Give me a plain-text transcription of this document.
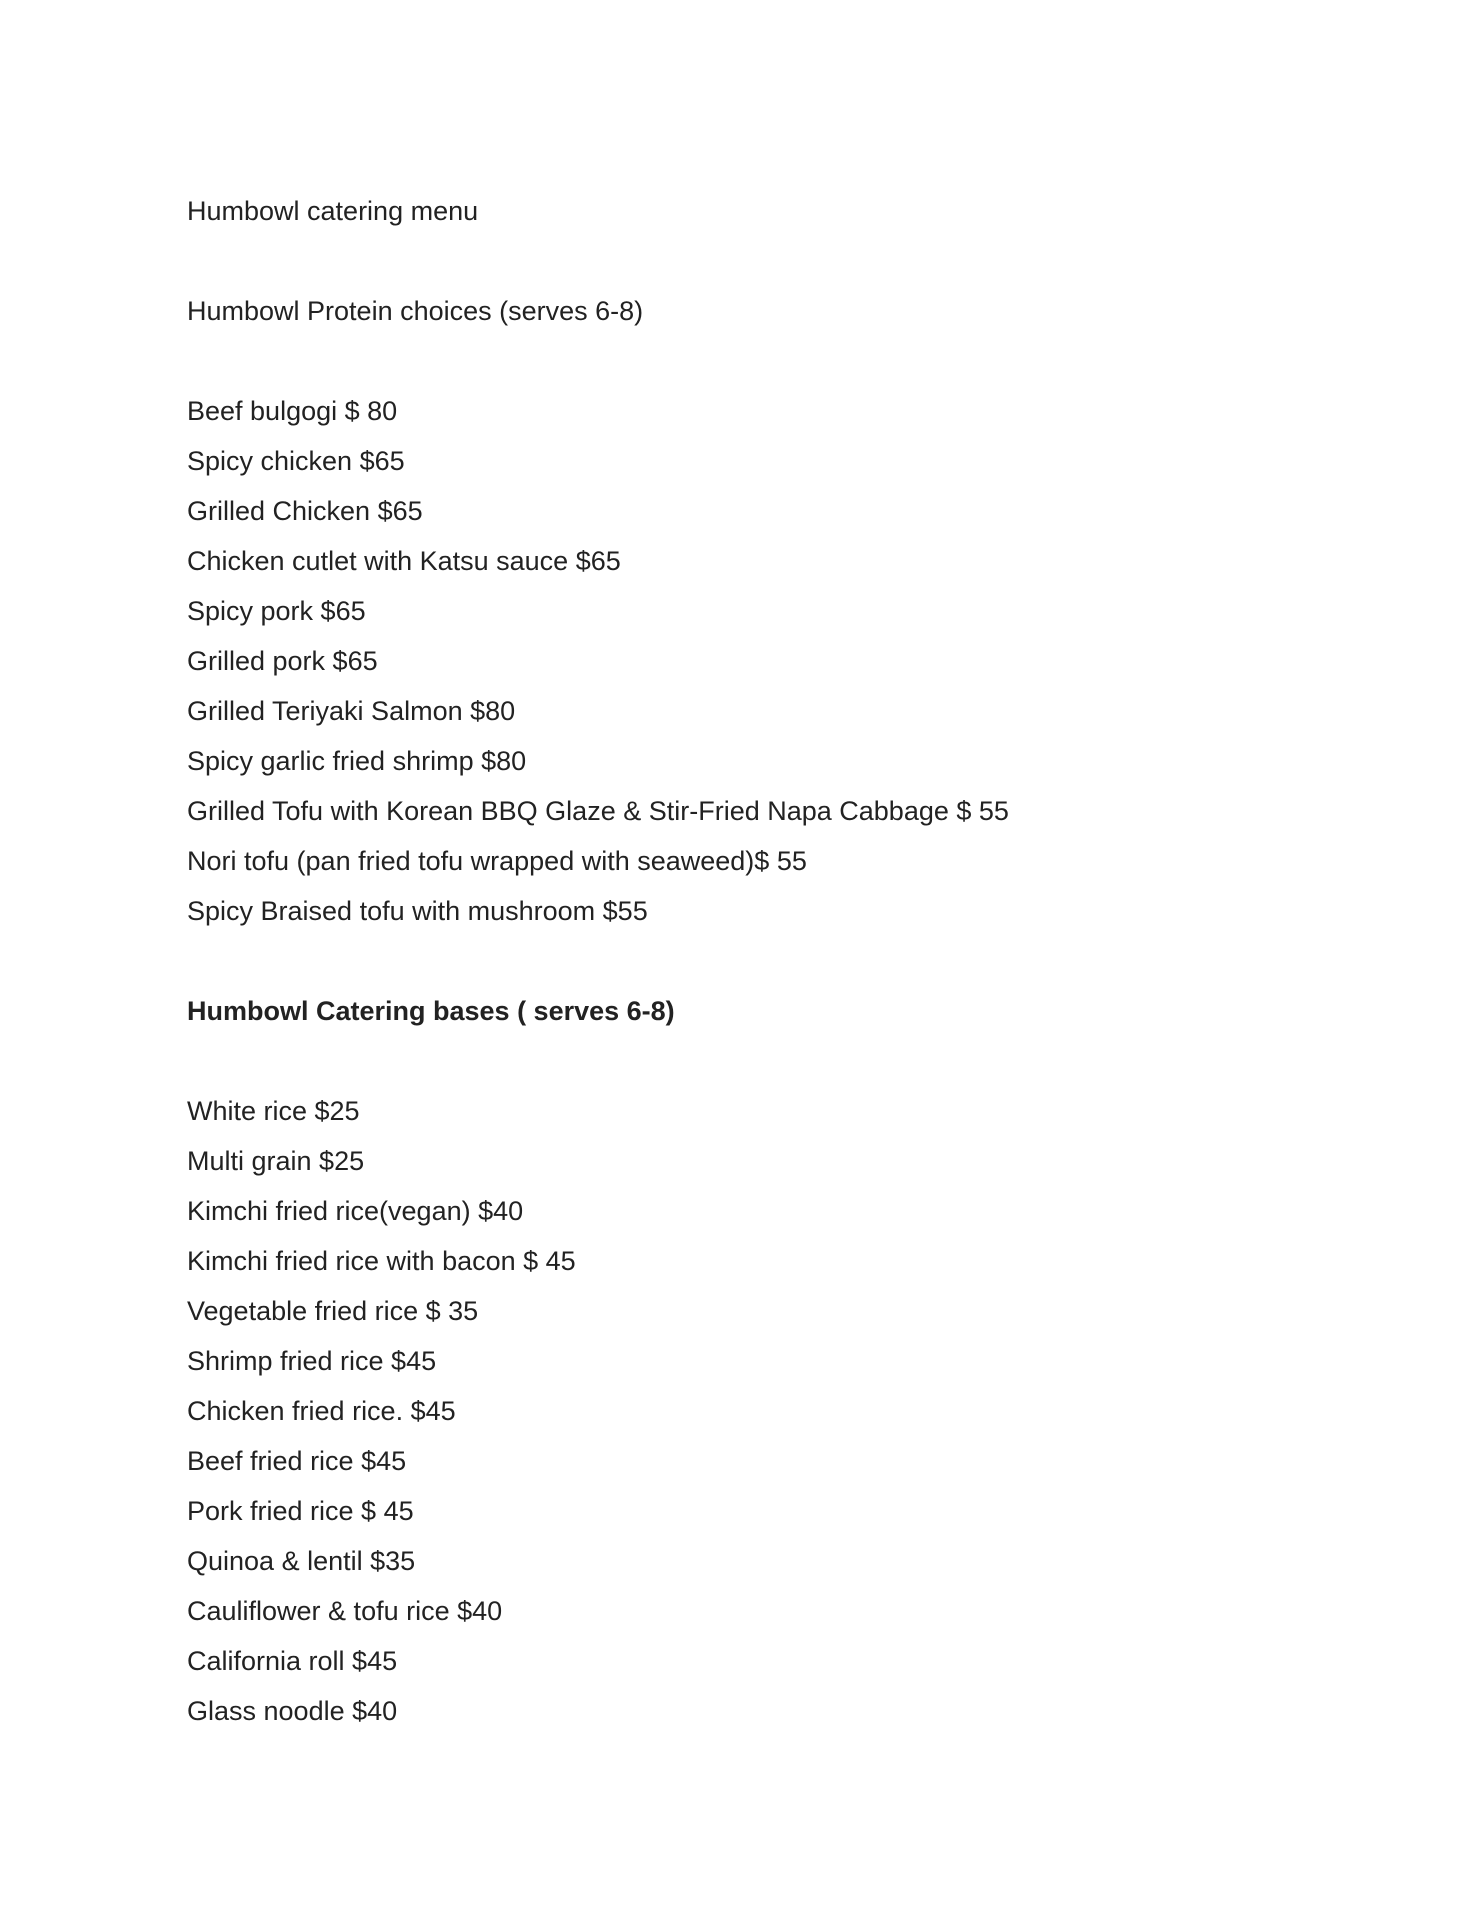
Humbowl catering menu
Humbowl Protein choices (serves 6-8)
Beef bulgogi $ 80
Spicy chicken $65
Grilled Chicken $65
Chicken cutlet with Katsu sauce $65
Spicy pork $65
Grilled pork $65
Grilled Teriyaki Salmon $80
Spicy garlic fried shrimp $80
Grilled Tofu with Korean BBQ Glaze & Stir-Fried Napa Cabbage $ 55
Nori tofu (pan fried tofu wrapped with seaweed)$ 55
Spicy Braised tofu with mushroom $55
Humbowl Catering bases ( serves 6-8)
White rice $25
Multi grain $25
Kimchi fried rice(vegan) $40
Kimchi fried rice with bacon $ 45
Vegetable fried rice $ 35
Shrimp fried rice $45
Chicken fried rice. $45
Beef fried rice $45
Pork fried rice $ 45
Quinoa & lentil $35
Cauliflower & tofu rice $40
California roll $45
Glass noodle $40
